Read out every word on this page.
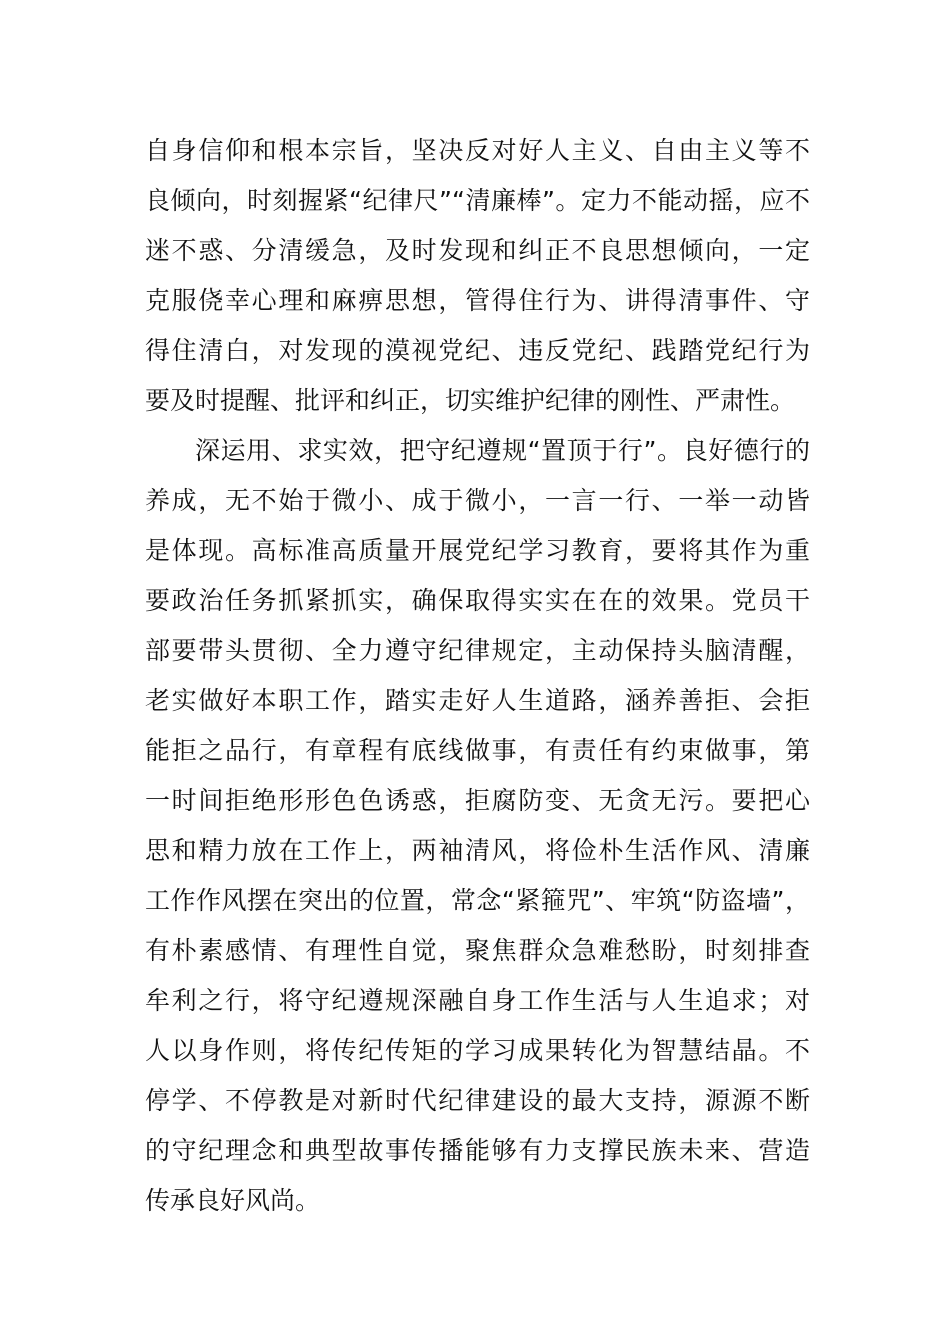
自身信仰和根本宗旨，坚决反对好人主义、自由主义等不
良倾向，时刻握紧“纪律尺”“清廉棒”。定力不能动摇，应不
迷不惑、分清缓急，及时发现和纠正不良思想倾向，一定
克服侥幸心理和麻痹思想，管得住行为、讲得清事件、守
得住清白，对发现的漠视党纪、违反党纪、践踏党纪行为
要及时提醒、批评和纠正，切实维护纪律的刚性、严肃性。
深运用、求实效，把守纪遵规“置顶于行”。良好德行的
养成，无不始于微小、成于微小，一言一行、一举一动皆
是体现。高标准高质量开展党纪学习教育，要将其作为重
要政治任务抓紧抓实，确保取得实实在在的效果。党员干
部要带头贯彻、全力遵守纪律规定，主动保持头脑清醒，
老实做好本职工作，踏实走好人生道路，涵养善拒、会拒
能拒之品行，有章程有底线做事，有责任有约束做事，第
一时间拒绝形形色色诱惑，拒腐防变、无贪无污。要把心
思和精力放在工作上，两袖清风，将俭朴生活作风、清廉
工作作风摆在突出的位置，常念“紧箍咒”、牢筑“防盗墙”，
有朴素感情、有理性自觉，聚焦群众急难愁盼，时刻排查
牟利之行，将守纪遵规深融自身工作生活与人生追求；对
人以身作则，将传纪传矩的学习成果转化为智慧结晶。不
停学、不停教是对新时代纪律建设的最大支持，源源不断
的守纪理念和典型故事传播能够有力支撑民族未来、营造
传承良好风尚。
